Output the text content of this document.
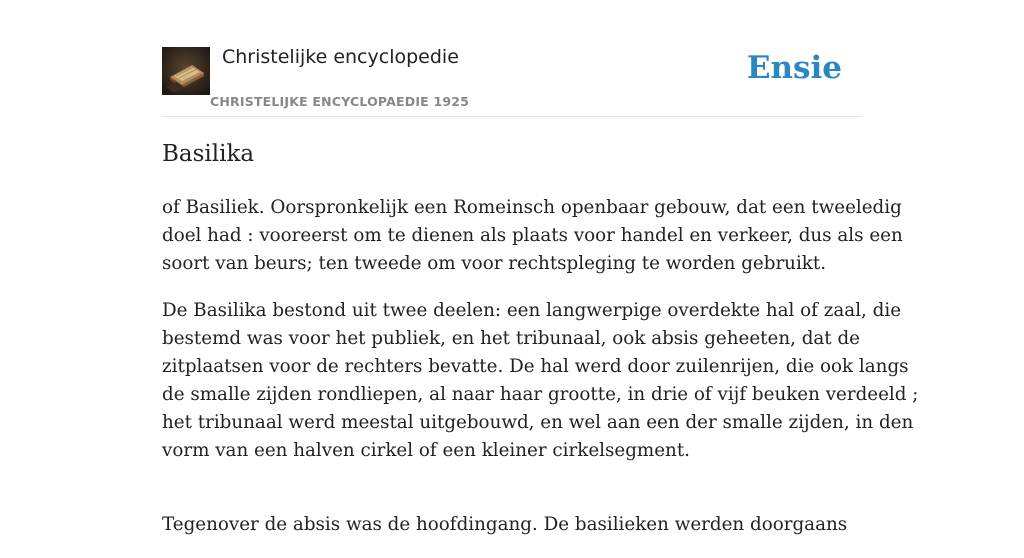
Christelijke encyclopedie
CHRISTELIJKE ENCYCLOPAEDIE 1925
Ensie
Basilika

of Basiliek. Oorspronkelijk een Romeinsch openbaar gebouw, dat een tweeledig
doel had : vooreerst om te dienen als plaats voor handel en verkeer, dus als een
soort van beurs; ten tweede om voor rechtspleging te worden gebruikt.

De Basilika bestond uit twee deelen: een langwerpige overdekte hal of zaal, die
bestemd was voor het publiek, en het tribunaal, ook absis geheeten, dat de
zitplaatsen voor de rechters bevatte. De hal werd door zuilenrijen, die ook langs
de smalle zijden rondliepen, al naar haar grootte, in drie of vijf beuken verdeeld ;
het tribunaal werd meestal uitgebouwd, en wel aan een der smalle zijden, in den
vorm van een halven cirkel of een kleiner cirkelsegment.

Tegenover de absis was de hoofdingang. De basilieken werden doorgaans
